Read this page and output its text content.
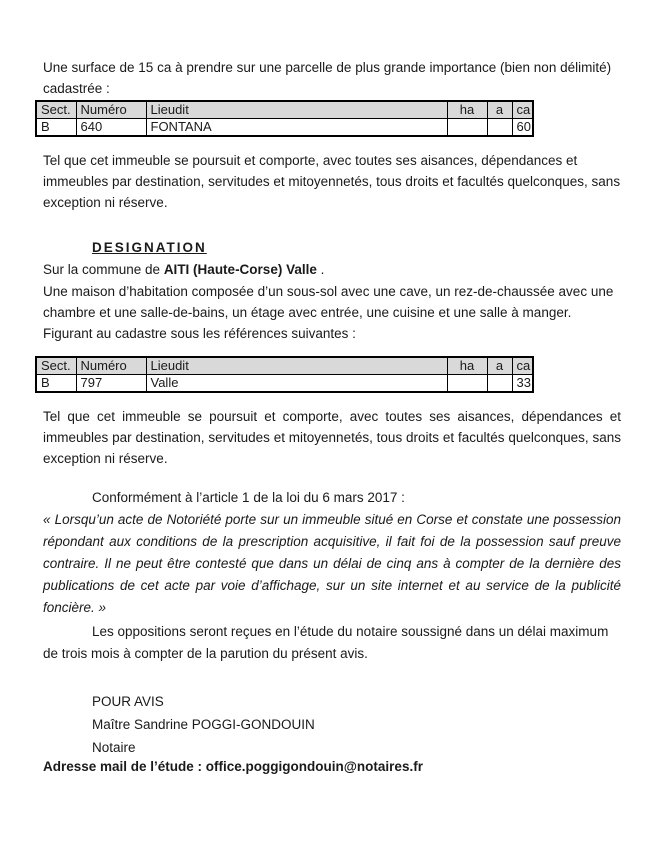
Une surface de 15 ca à prendre sur une parcelle de plus grande importance (bien non délimité) cadastrée :

Sect.	Numéro	Lieudit	ha	a	ca
B	640	FONTANA			60

Tel que cet immeuble se poursuit et comporte, avec toutes ses aisances, dépendances et immeubles par destination, servitudes et mitoyennetés, tous droits et facultés quelconques, sans exception ni réserve.

DESIGNATION

Sur la commune de AITI (Haute-Corse) Valle .

Une maison d’habitation composée d’un sous-sol avec une cave, un rez-de-chaussée avec une chambre et une salle-de-bains, un étage avec entrée, une cuisine et une salle à manger.

Figurant au cadastre sous les références suivantes :

Sect.	Numéro	Lieudit	ha	a	ca
B	797	Valle			33

Tel que cet immeuble se poursuit et comporte, avec toutes ses aisances, dépendances et immeubles par destination, servitudes et mitoyennetés, tous droits et facultés quelconques, sans exception ni réserve.

Conformément à l’article 1 de la loi du 6 mars 2017 :

« Lorsqu’un acte de Notoriété porte sur un immeuble situé en Corse et constate une possession répondant aux conditions de la prescription acquisitive, il fait foi de la possession sauf preuve contraire. Il ne peut être contesté que dans un délai de cinq ans à compter de la dernière des publications de cet acte par voie d’affichage, sur un site internet et au service de la publicité foncière. »

Les oppositions seront reçues en l’étude du notaire soussigné dans un délai maximum de trois mois à compter de la parution du présent avis.

POUR AVIS
Maître Sandrine POGGI-GONDOUIN
Notaire

Adresse mail de l’étude : office.poggigondouin@notaires.fr
